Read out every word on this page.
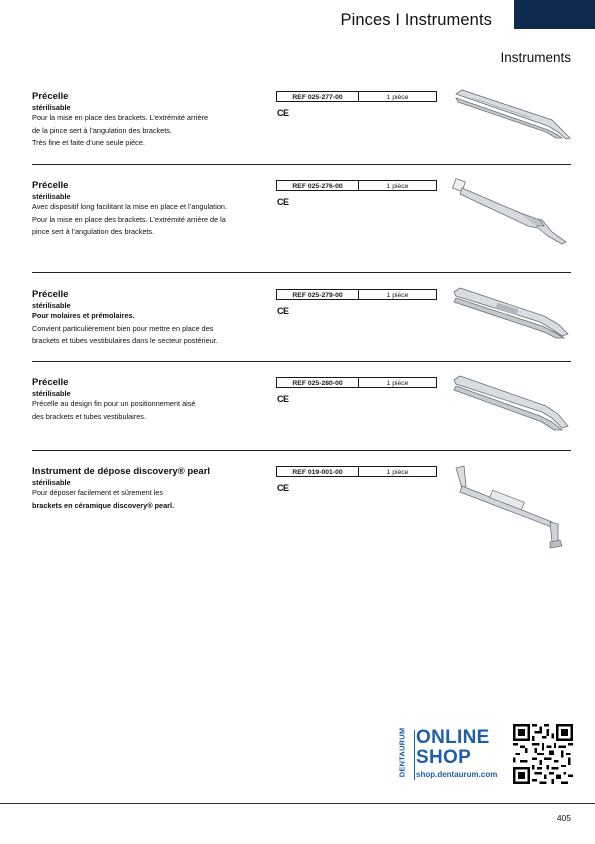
Pinces I Instruments
Instruments
Précelle
stérilisable
Pour la mise en place des brackets. L’extrémité arrière
de la pince sert à l’angulation des brackets.
Très fine et faite d’une seule pièce.
REF 025-277-00	1 pièce
CE
Précelle
stérilisable
Avec dispositif long facilitant la mise en place et l’angulation.
Pour la mise en place des brackets. L’extrémité arrière de la
pince sert à l’angulation des brackets.
REF 025-276-00	1 pièce
CE
Précelle
stérilisable
Pour molaires et prémolaires.
Convient particulièrement bien pour mettre en place des
brackets et tubes vestibulaires dans le secteur postérieur.
REF 025-279-00	1 pièce
CE
Précelle
stérilisable
Précelle au design fin pour un positionnement aisé
des brackets et tubes vestibulaires.
REF 025-280-00	1 pièce
CE
Instrument de dépose discovery® pearl
stérilisable
Pour déposer facilement et sûrement les
brackets en céramique discovery® pearl.
REF 019-001-00	1 pièce
CE
DENTAURUM ONLINE
SHOP
shop.dentaurum.com
405
